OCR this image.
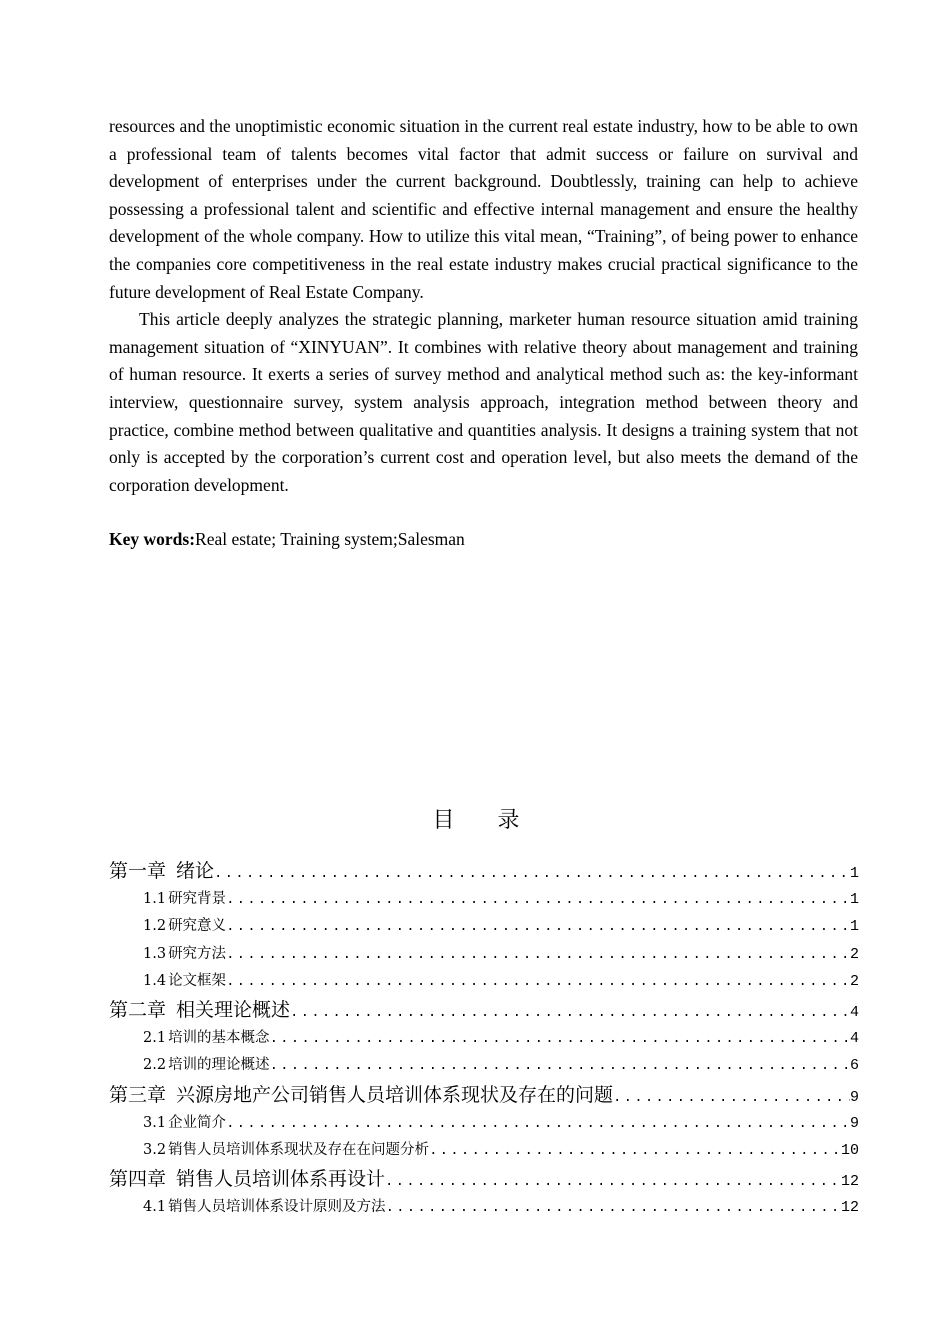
resources and the unoptimistic economic situation in the current real estate industry, how to be able to own a professional team of talents becomes vital factor that admit success or failure on survival and development of enterprises under the current background. Doubtlessly, training can help to achieve possessing a professional talent and scientific and effective internal management and ensure the healthy development of the whole company. How to utilize this vital mean, “Training”, of being power to enhance the companies core competitiveness in the real estate industry makes crucial practical significance to the future development of Real Estate Company.

This article deeply analyzes the strategic planning, marketer human resource situation amid training management situation of “XINYUAN”. It combines with relative theory about management and training of human resource. It exerts a series of survey method and analytical method such as: the key-informant interview, questionnaire survey, system analysis approach, integration method between theory and practice, combine method between qualitative and quantities analysis. It designs a training system that not only is accepted by the corporation’s current cost and operation level, but also meets the demand of the corporation development.

Key words:Real estate; Training system;Salesman
目 录
第一章 绪论 .....	1
1.1 研究背景 .....	1
1.2 研究意义 .....	1
1.3 研究方法 .....	2
1.4 论文框架 .....	2
第二章 相关理论概述 .....	4
2.1 培训的基本概念 .....	4
2.2 培训的理论概述 .....	6
第三章 兴源房地产公司销售人员培训体系现状及存在的问题 .....	9
3.1 企业简介 .....	9
3.2 销售人员培训体系现状及存在在问题分析 .....	10
第四章 销售人员培训体系再设计 .....	12
4.1 销售人员培训体系设计原则及方法 .....	12
